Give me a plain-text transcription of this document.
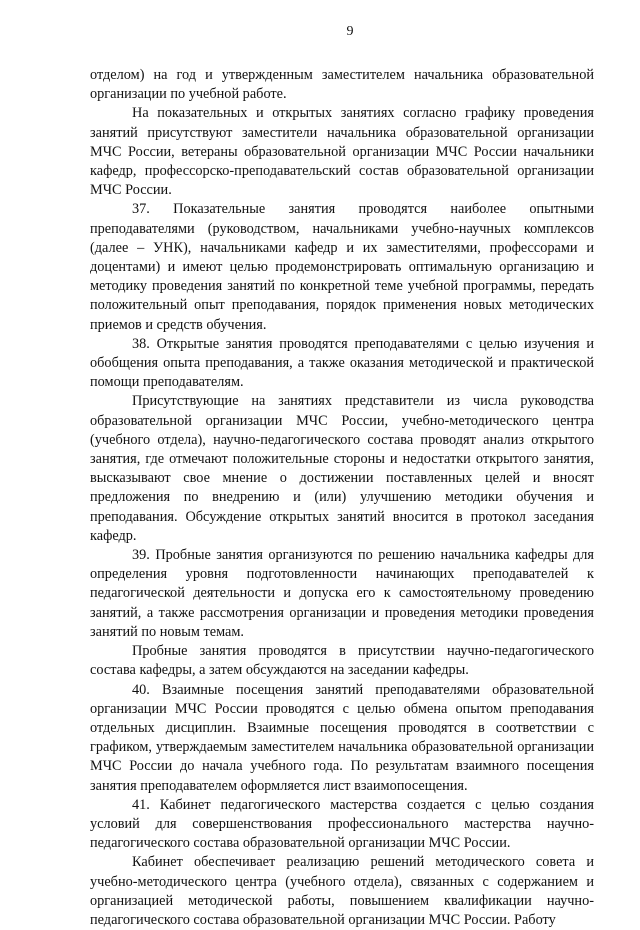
9

отделом) на год и утвержденным заместителем начальника образовательной организации по учебной работе.

На показательных и открытых занятиях согласно графику проведения занятий присутствуют заместители начальника образовательной организации МЧС России, ветераны образовательной организации МЧС России начальники кафедр, профессорско-преподавательский состав образовательной организации МЧС России.

37. Показательные занятия проводятся наиболее опытными преподавателями (руководством, начальниками учебно-научных комплексов (далее – УНК), начальниками кафедр и их заместителями, профессорами и доцентами) и имеют целью продемонстрировать оптимальную организацию и методику проведения занятий по конкретной теме учебной программы, передать положительный опыт преподавания, порядок применения новых методических приемов и средств обучения.

38. Открытые занятия проводятся преподавателями с целью изучения и обобщения опыта преподавания, а также оказания методической и практической помощи преподавателям.

Присутствующие на занятиях представители из числа руководства образовательной организации МЧС России, учебно-методического центра (учебного отдела), научно-педагогического состава проводят анализ открытого занятия, где отмечают положительные стороны и недостатки открытого занятия, высказывают свое мнение о достижении поставленных целей и вносят предложения по внедрению и (или) улучшению методики обучения и преподавания. Обсуждение открытых занятий вносится в протокол заседания кафедр.

39. Пробные занятия организуются по решению начальника кафедры для определения уровня подготовленности начинающих преподавателей к педагогической деятельности и допуска его к самостоятельному проведению занятий, а также рассмотрения организации и проведения методики проведения занятий по новым темам.

Пробные занятия проводятся в присутствии научно-педагогического состава кафедры, а затем обсуждаются на заседании кафедры.

40. Взаимные посещения занятий преподавателями образовательной организации МЧС России проводятся с целью обмена опытом преподавания отдельных дисциплин. Взаимные посещения проводятся в соответствии с графиком, утверждаемым заместителем начальника образовательной организации МЧС России до начала учебного года. По результатам взаимного посещения занятия преподавателем оформляется лист взаимопосещения.

41. Кабинет педагогического мастерства создается с целью создания условий для совершенствования профессионального мастерства научно-педагогического состава образовательной организации МЧС России.

Кабинет обеспечивает реализацию решений методического совета и учебно-методического центра (учебного отдела), связанных с содержанием и организацией методической работы, повышением квалификации научно-педагогического состава образовательной организации МЧС России. Работу
